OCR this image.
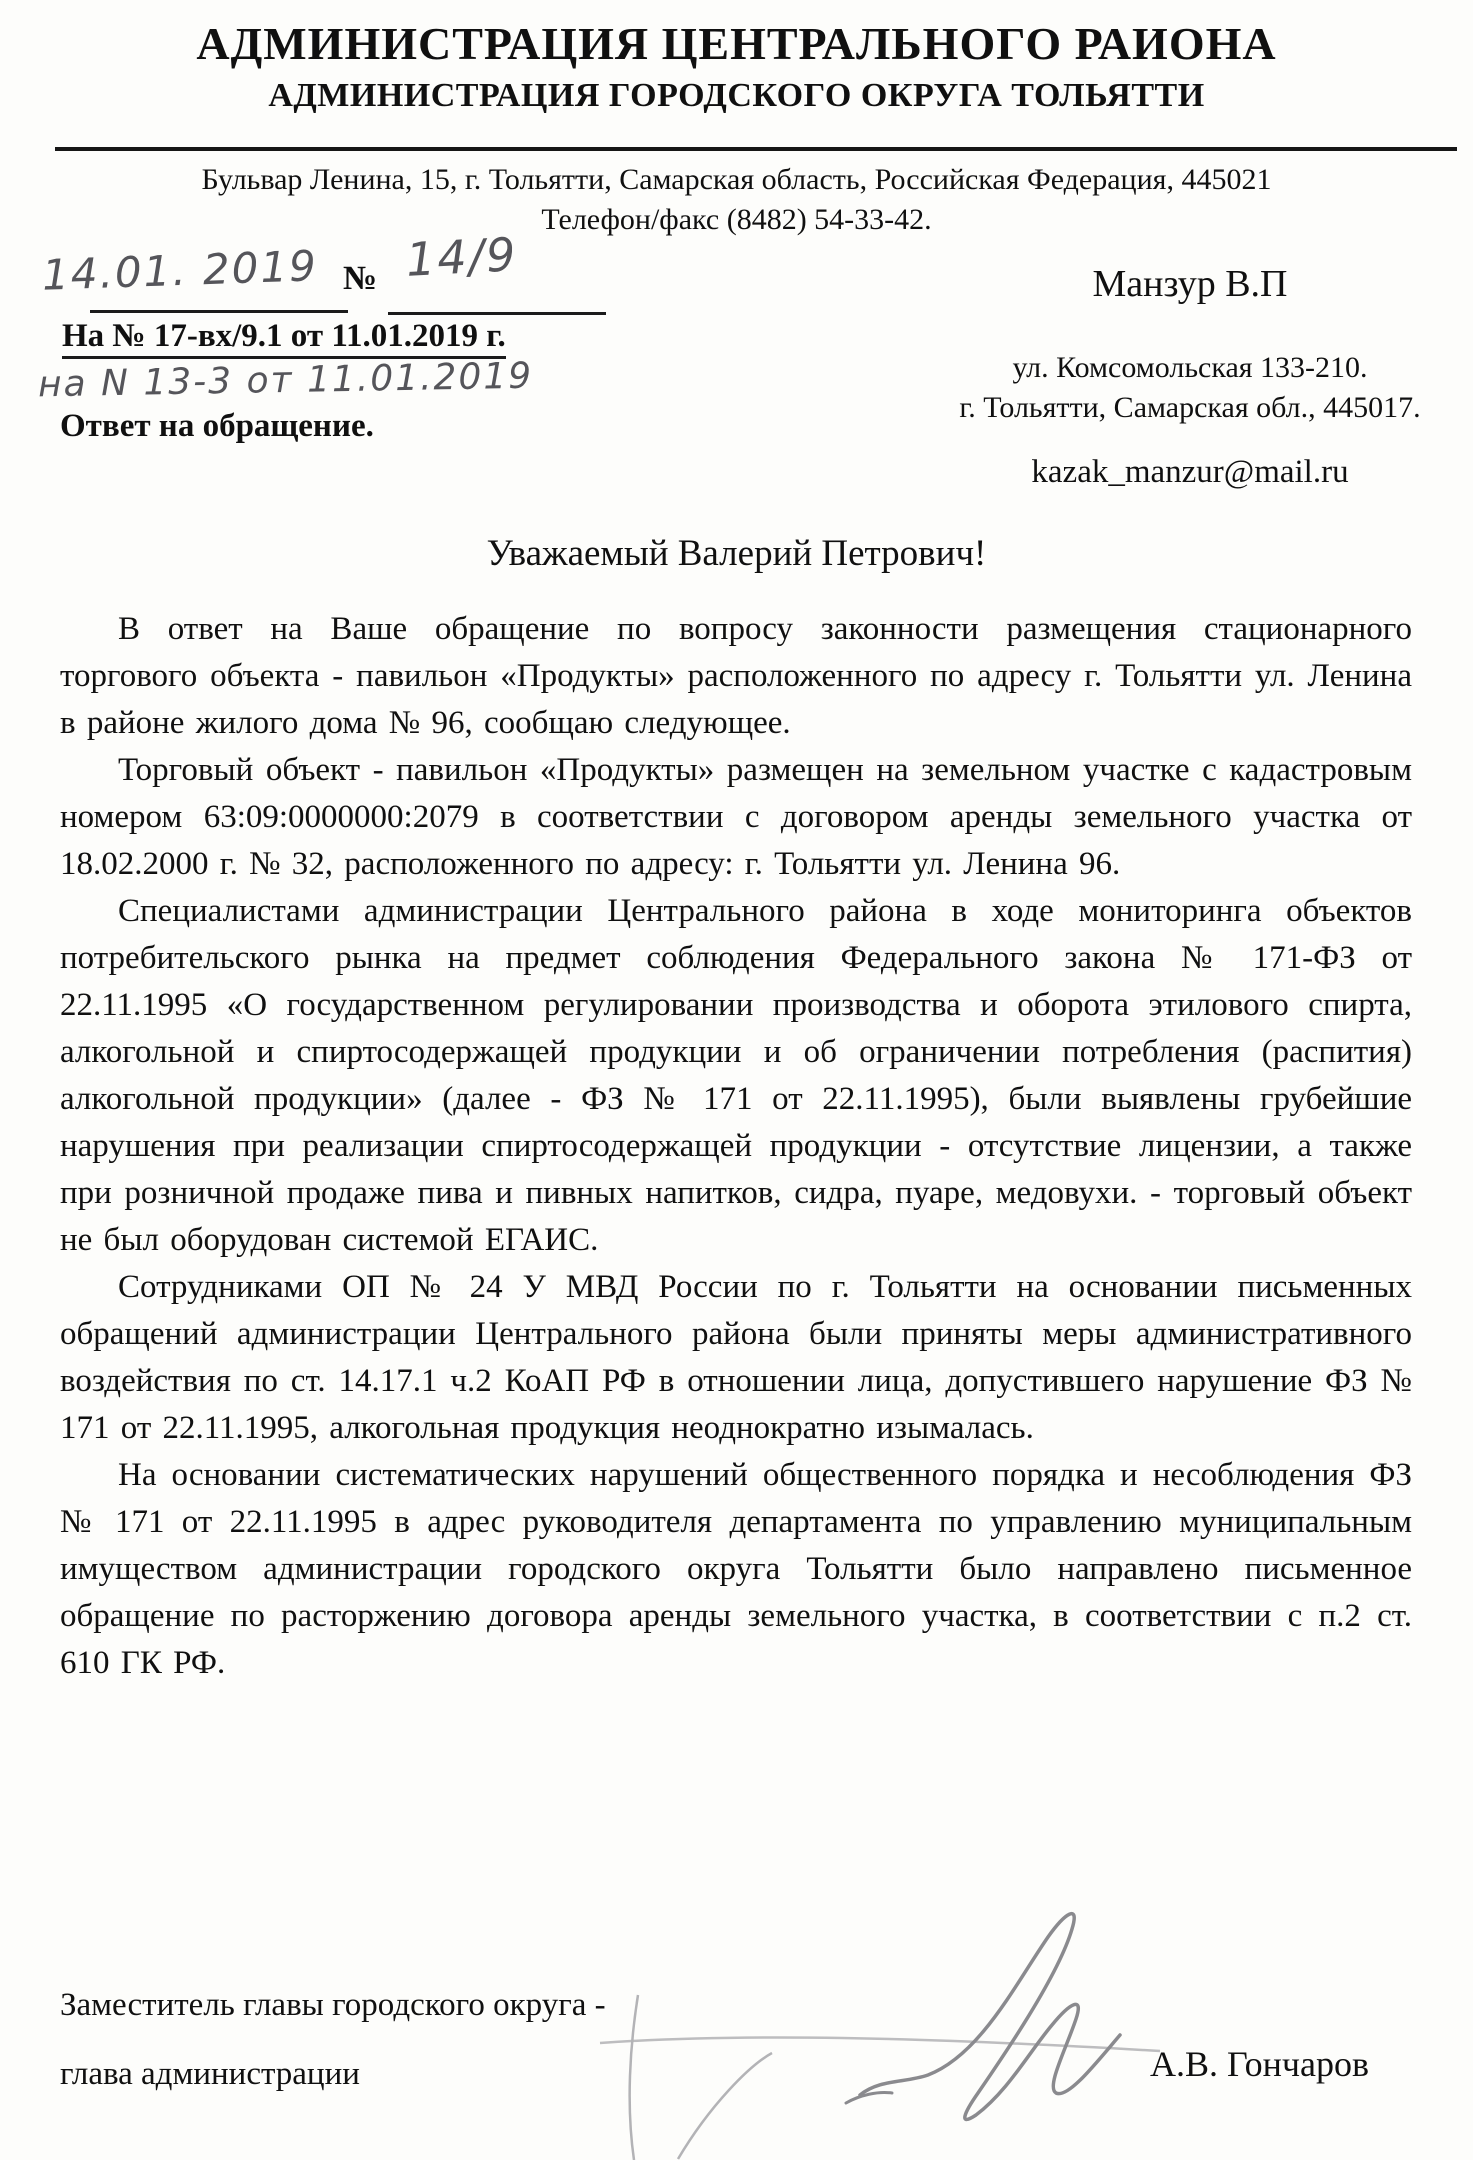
АДМИНИСТРАЦИЯ ЦЕНТРАЛЬНОГО РАИОНА
АДМИНИСТРАЦИЯ ГОРОДСКОГО ОКРУГА ТОЛЬЯТТИ
Бульвар Ленина, 15, г. Тольятти, Самарская область, Российская Федерация, 445021
Телефон/факс (8482) 54-33-42.
14.01. 2019 № 14/9
На № 17-вх/9.1 от 11.01.2019 г.
на N 13-3 от 11.01.2019
Ответ на обращение.
Манзур В.П
ул. Комсомольская 133-210.
г. Тольятти, Самарская обл., 445017.
kazak_manzur@mail.ru
Уважаемый Валерий Петрович!

В ответ на Ваше обращение по вопросу законности размещения стационарного торгового объекта - павильон «Продукты» расположенного по адресу г. Тольятти ул. Ленина в районе жилого дома № 96, сообщаю следующее.

Торговый объект - павильон «Продукты» размещен на земельном участке с кадастровым номером 63:09:0000000:2079 в соответствии с договором аренды земельного участка от 18.02.2000 г. № 32, расположенного по адресу: г. Тольятти ул. Ленина 96.

Специалистами администрации Центрального района в ходе мониторинга объектов потребительского рынка на предмет соблюдения Федерального закона № 171-ФЗ от 22.11.1995 «О государственном регулировании производства и оборота этилового спирта, алкогольной и спиртосодержащей продукции и об ограничении потребления (распития) алкогольной продукции» (далее - ФЗ № 171 от 22.11.1995), были выявлены грубейшие нарушения при реализации спиртосодержащей продукции - отсутствие лицензии, а также при розничной продаже пива и пивных напитков, сидра, пуаре, медовухи. - торговый объект не был оборудован системой ЕГАИС.

Сотрудниками ОП № 24 У МВД России по г. Тольятти на основании письменных обращений администрации Центрального района были приняты меры административного воздействия по ст. 14.17.1 ч.2 КоАП РФ в отношении лица, допустившего нарушение ФЗ № 171 от 22.11.1995, алкогольная продукция неоднократно изымалась.

На основании систематических нарушений общественного порядка и несоблюдения ФЗ № 171 от 22.11.1995 в адрес руководителя департамента по управлению муниципальным имуществом администрации городского округа Тольятти было направлено письменное обращение по расторжению договора аренды земельного участка, в соответствии с п.2 ст. 610 ГК РФ.

Заместитель главы городского округа -
глава администрации	А.В. Гончаров
